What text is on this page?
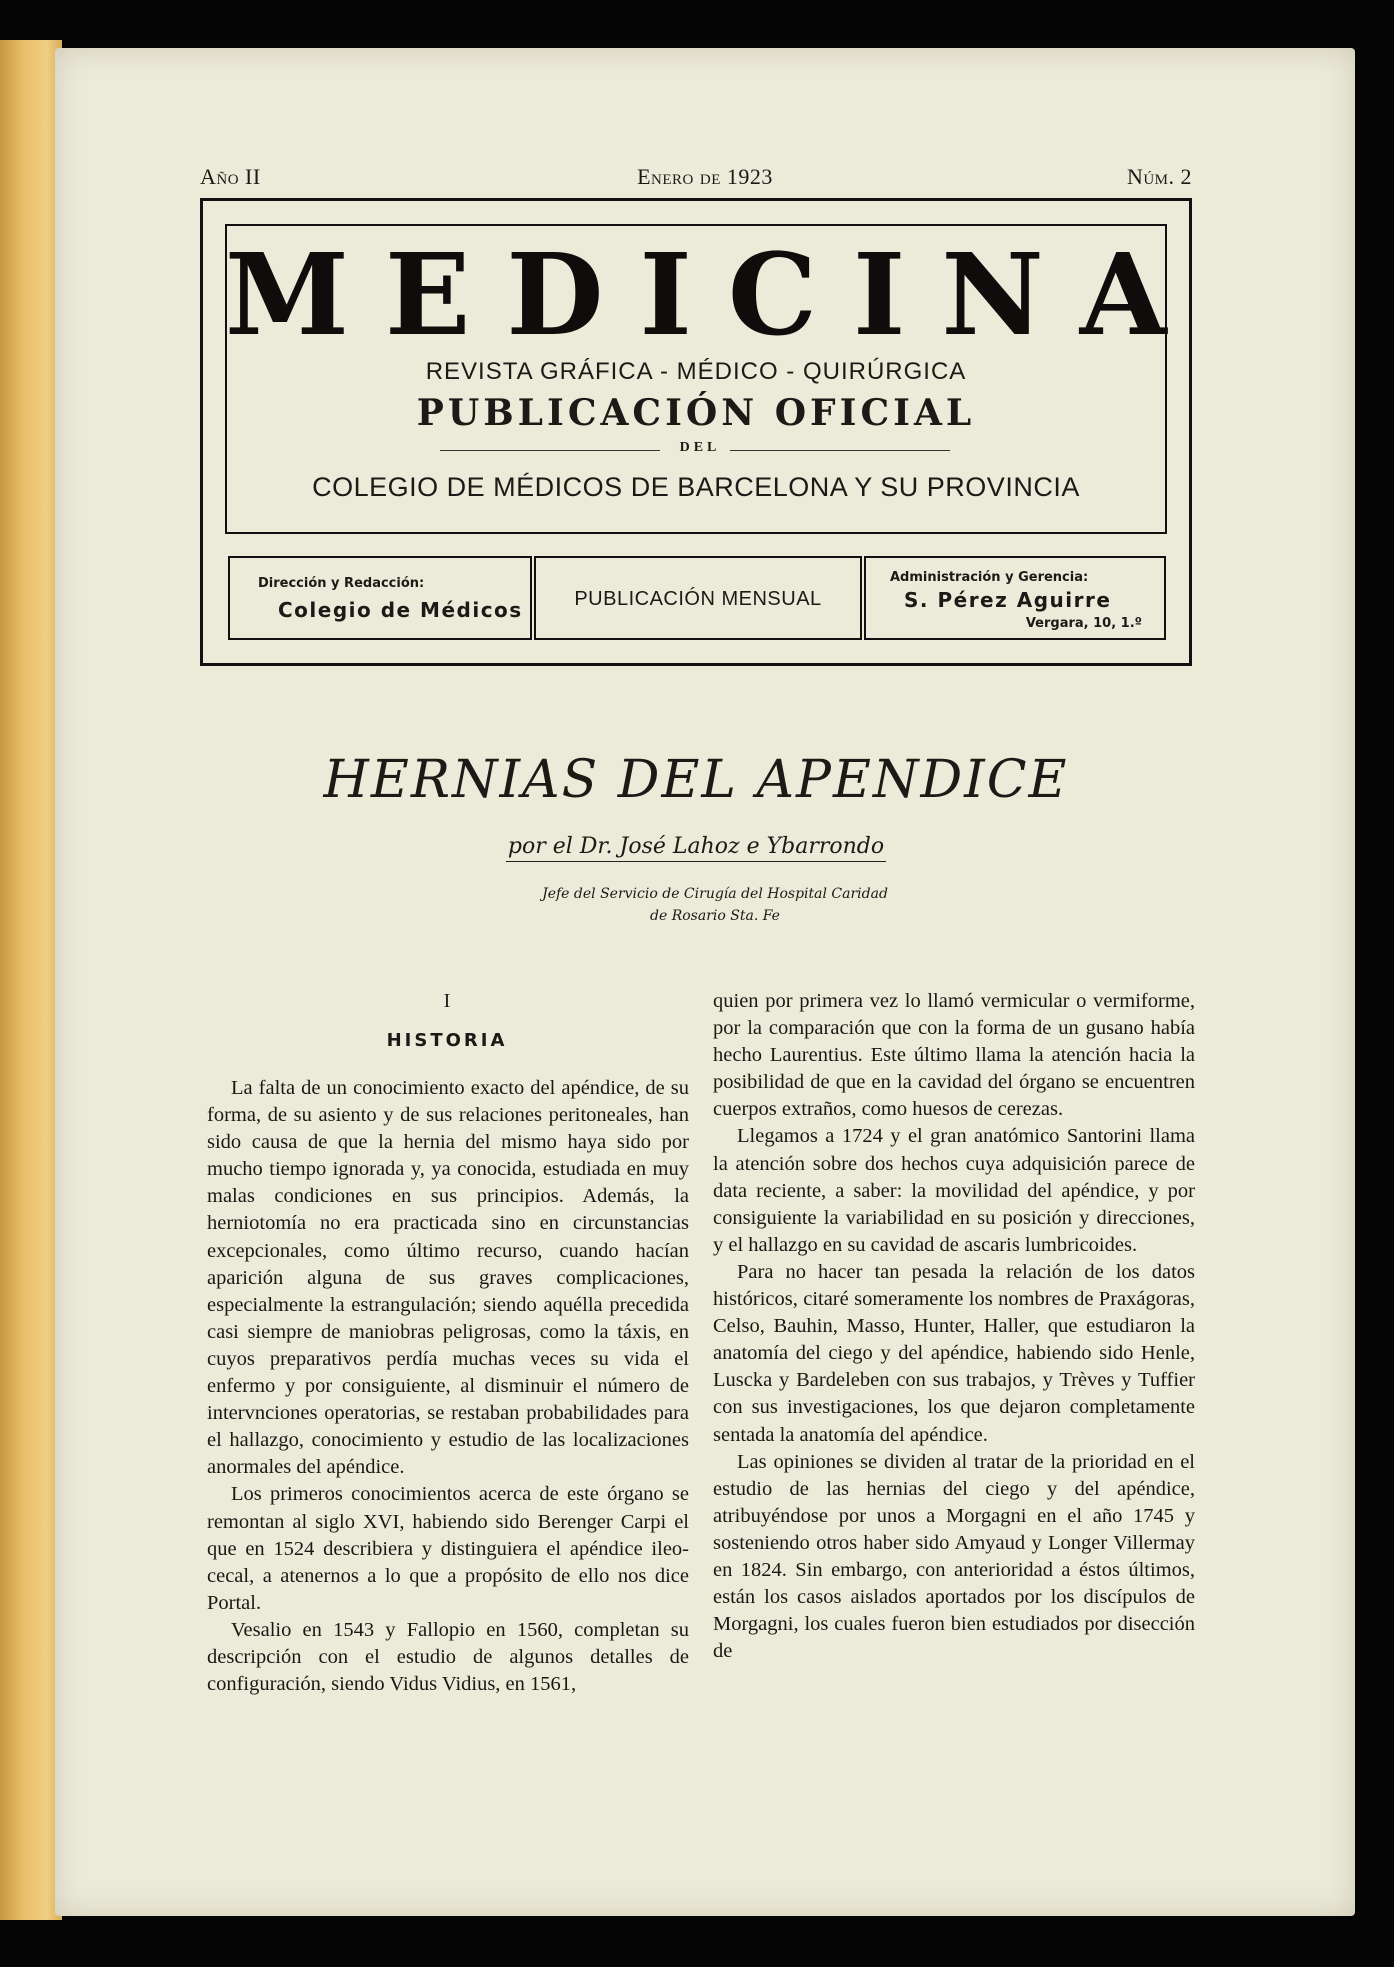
Año II	Enero de 1923	Núm. 2
MEDICINA
REVISTA GRÁFICA - MÉDICO - QUIRÚRGICA
PUBLICACIÓN OFICIAL
DEL
COLEGIO DE MÉDICOS DE BARCELONA Y SU PROVINCIA
Dirección y Redacción:
Colegio de Médicos	PUBLICACIÓN MENSUAL
Administración y Gerencia:
S. Pérez Aguirre
Vergara, 10, 1.º
HERNIAS DEL APENDICE
por el Dr. José Lahoz e Ybarrondo
Jefe del Servicio de Cirugía del Hospital Caridad
de Rosario Sta. Fe
I
HISTORIA

La falta de un conocimiento exacto del apéndice, de su forma, de su asiento y de sus relaciones peritoneales, han sido causa de que la hernia del mismo haya sido por mucho tiempo ignorada y, ya conocida, estudiada en muy malas condiciones en sus principios. Además, la herniotomía no era practicada sino en circunstancias excepcionales, como último recurso, cuando hacían aparición alguna de sus graves complicaciones, especialmente la estrangulación; siendo aquélla precedida casi siempre de maniobras peligrosas, como la táxis, en cuyos preparativos perdía muchas veces su vida el enfermo y por consiguiente, al disminuir el número de intervnciones operatorias, se restaban probabilidades para el hallazgo, conocimiento y estudio de las localizaciones anormales del apéndice.

Los primeros conocimientos acerca de este órgano se remontan al siglo XVI, habiendo sido Berenger Carpi el que en 1524 describiera y distinguiera el apéndice ileo-cecal, a atenernos a lo que a propósito de ello nos dice Portal.

Vesalio en 1543 y Fallopio en 1560, completan su descripción con el estudio de algunos detalles de configuración, siendo Vidus Vidius, en 1561,

quien por primera vez lo llamó vermicular o vermiforme, por la comparación que con la forma de un gusano había hecho Laurentius. Este último llama la atención hacia la posibilidad de que en la cavidad del órgano se encuentren cuerpos extraños, como huesos de cerezas.

Llegamos a 1724 y el gran anatómico Santorini llama la atención sobre dos hechos cuya adquisición parece de data reciente, a saber: la movilidad del apéndice, y por consiguiente la variabilidad en su posición y direcciones, y el hallazgo en su cavidad de ascaris lumbricoides.

Para no hacer tan pesada la relación de los datos históricos, citaré someramente los nombres de Praxágoras, Celso, Bauhin, Masso, Hunter, Haller, que estudiaron la anatomía del ciego y del apéndice, habiendo sido Henle, Luscka y Bardeleben con sus trabajos, y Trèves y Tuffier con sus investigaciones, los que dejaron completamente sentada la anatomía del apéndice.

Las opiniones se dividen al tratar de la prioridad en el estudio de las hernias del ciego y del apéndice, atribuyéndose por unos a Morgagni en el año 1745 y sosteniendo otros haber sido Amyaud y Longer Villermay en 1824. Sin embargo, con anterioridad a éstos últimos, están los casos aislados aportados por los discípulos de Morgagni, los cuales fueron bien estudiados por disección de
